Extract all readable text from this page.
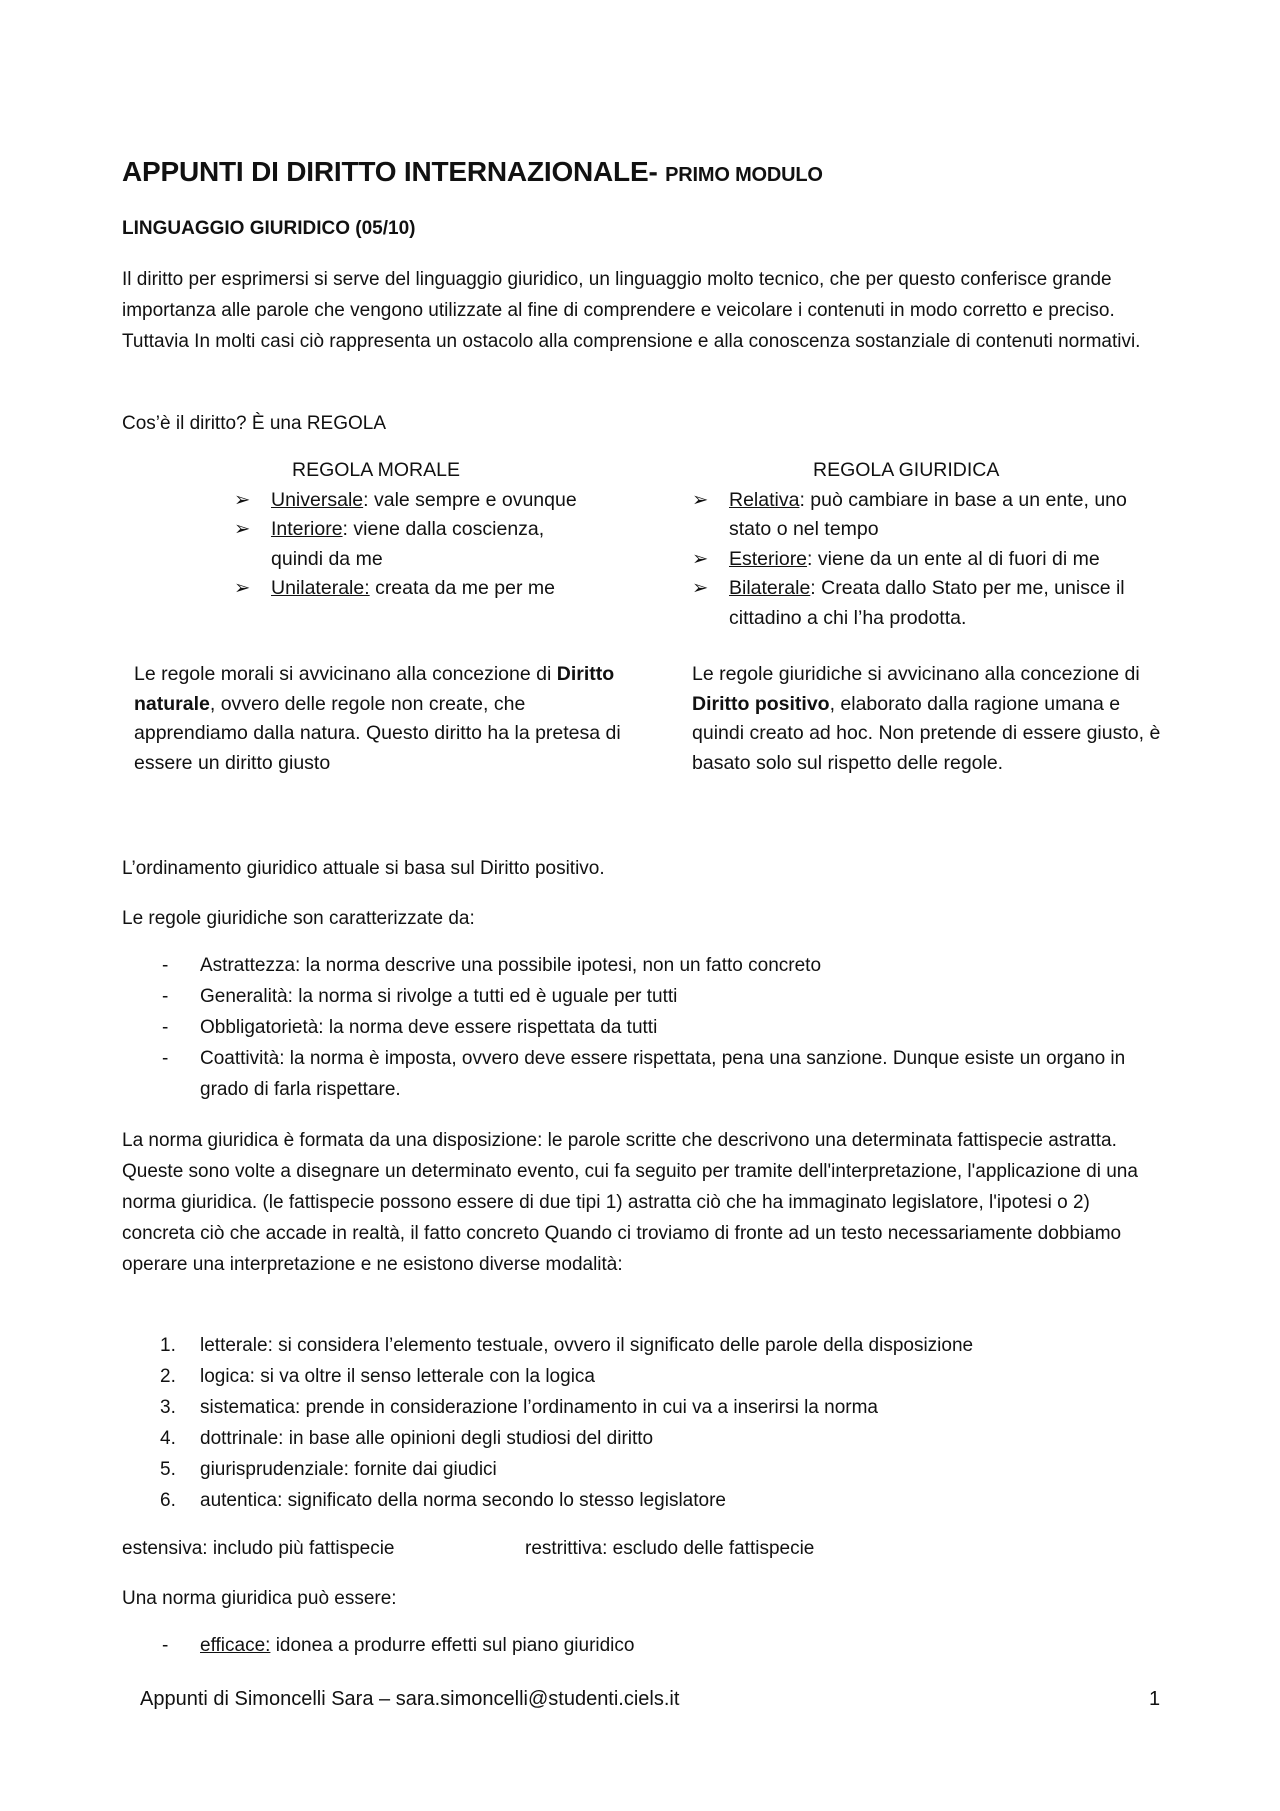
APPUNTI DI DIRITTO INTERNAZIONALE- PRIMO MODULO
LINGUAGGIO GIURIDICO (05/10)
Il diritto per esprimersi si serve del linguaggio giuridico, un linguaggio molto tecnico, che per questo conferisce grande importanza alle parole che vengono utilizzate al fine di comprendere e veicolare i contenuti in modo corretto e preciso. Tuttavia In molti casi ciò rappresenta un ostacolo alla comprensione e alla conoscenza sostanziale di contenuti normativi.
Cos’è il diritto? È una REGOLA
REGOLA MORALE
➢ Universale: vale sempre e ovunque
➢ Interiore: viene dalla coscienza, quindi da me
➢ Unilaterale: creata da me per me
REGOLA GIURIDICA
➢ Relativa: può cambiare in base a un ente, uno stato o nel tempo
➢ Esteriore: viene da un ente al di fuori di me
➢ Bilaterale: Creata dallo Stato per me, unisce il cittadino a chi l’ha prodotta.
Le regole morali si avvicinano alla concezione di Diritto naturale, ovvero delle regole non create, che apprendiamo dalla natura. Questo diritto ha la pretesa di essere un diritto giusto
Le regole giuridiche si avvicinano alla concezione di Diritto positivo, elaborato dalla ragione umana e quindi creato ad hoc. Non pretende di essere giusto, è basato solo sul rispetto delle regole.
L’ordinamento giuridico attuale si basa sul Diritto positivo.
Le regole giuridiche son caratterizzate da:
- Astrattezza: la norma descrive una possibile ipotesi, non un fatto concreto
- Generalità: la norma si rivolge a tutti ed è uguale per tutti
- Obbligatorietà: la norma deve essere rispettata da tutti
- Coattività: la norma è imposta, ovvero deve essere rispettata, pena una sanzione. Dunque esiste un organo in grado di farla rispettare.
La norma giuridica è formata da una disposizione: le parole scritte che descrivono una determinata fattispecie astratta. Queste sono volte a disegnare un determinato evento, cui fa seguito per tramite dell'interpretazione, l'applicazione di una norma giuridica. (le fattispecie possono essere di due tipi 1) astratta ciò che ha immaginato legislatore, l'ipotesi o 2) concreta ciò che accade in realtà, il fatto concreto Quando ci troviamo di fronte ad un testo necessariamente dobbiamo operare una interpretazione e ne esistono diverse modalità:
1. letterale: si considera l’elemento testuale, ovvero il significato delle parole della disposizione
2. logica: si va oltre il senso letterale con la logica
3. sistematica: prende in considerazione l’ordinamento in cui va a inserirsi la norma
4. dottrinale: in base alle opinioni degli studiosi del diritto
5. giurisprudenziale: fornite dai giudici
6. autentica: significato della norma secondo lo stesso legislatore
estensiva: includo più fattispecie	restrittiva: escludo delle fattispecie
Una norma giuridica può essere:
- efficace: idonea a produrre effetti sul piano giuridico
Appunti di Simoncelli Sara – sara.simoncelli@studenti.ciels.it	1
